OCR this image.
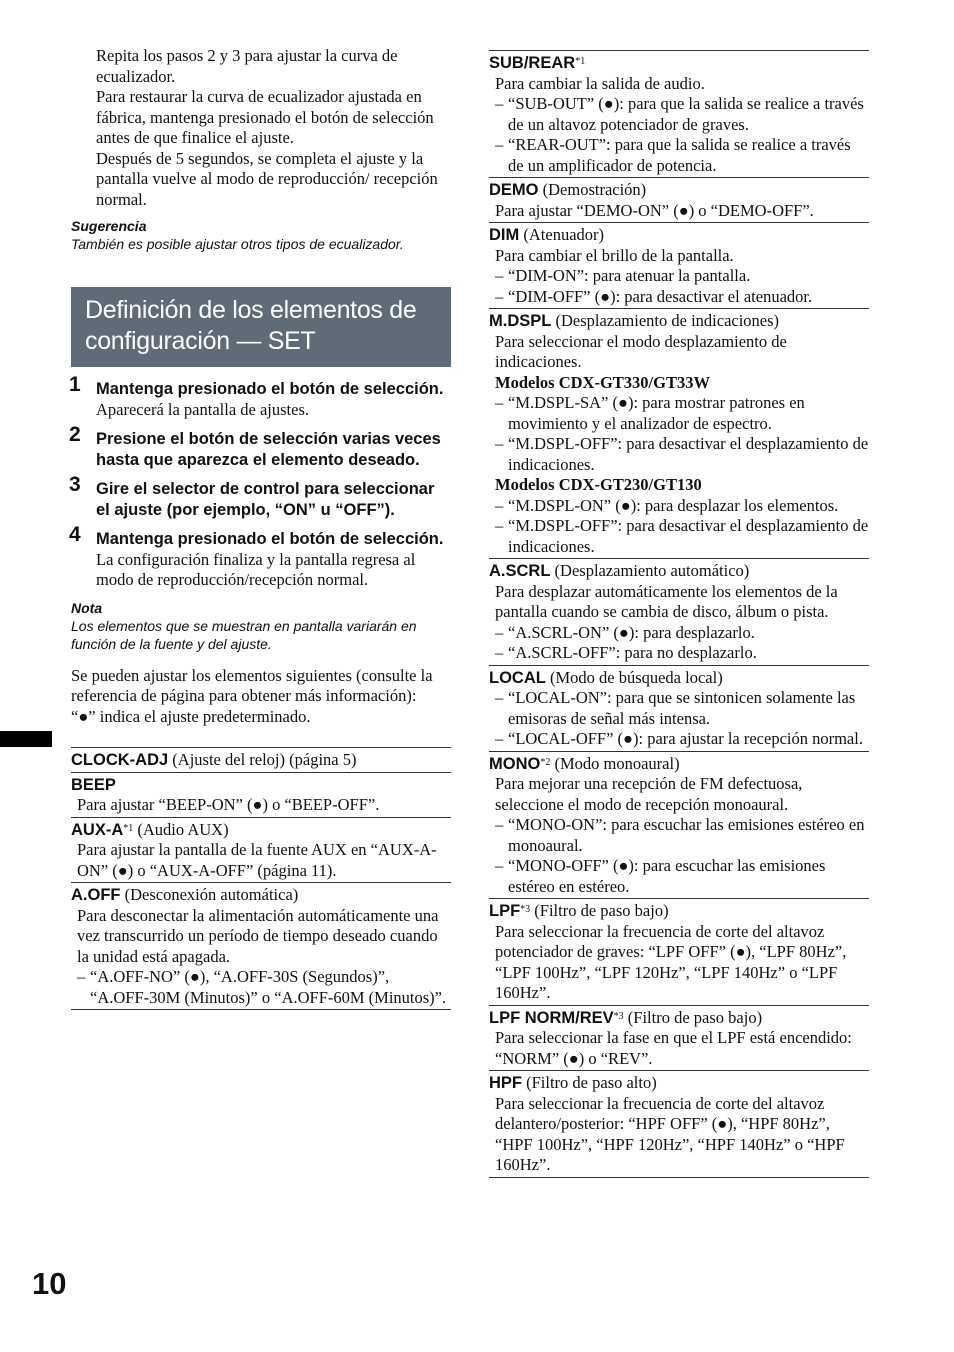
Repita los pasos 2 y 3 para ajustar la curva de ecualizador.

Para restaurar la curva de ecualizador ajustada en fábrica, mantenga presionado el botón de selección antes de que finalice el ajuste.

Después de 5 segundos, se completa el ajuste y la pantalla vuelve al modo de reproducción/ recepción normal.

Sugerencia
También es posible ajustar otros tipos de ecualizador.
Definición de los elementos de configuración — SET
1 Mantenga presionado el botón de selección.
Aparecerá la pantalla de ajustes.
2 Presione el botón de selección varias veces hasta que aparezca el elemento deseado.
3 Gire el selector de control para seleccionar el ajuste (por ejemplo, “ON” u “OFF”).
4 Mantenga presionado el botón de selección.
La configuración finaliza y la pantalla regresa al modo de reproducción/recepción normal.
Nota
Los elementos que se muestran en pantalla variarán en función de la fuente y del ajuste.

Se pueden ajustar los elementos siguientes (consulte la referencia de página para obtener más información):

“●” indica el ajuste predeterminado.

CLOCK-ADJ (Ajuste del reloj) (página 5)
BEEP
Para ajustar “BEEP-ON” (●) o “BEEP-OFF”.
AUX-$A^{*1}$ (Audio AUX)
Para ajustar la pantalla de la fuente AUX en “AUX-A-ON” (●) o “AUX-A-OFF” (página 11).
A.OFF (Desconexión automática)
Para desconectar la alimentación automáticamente una vez transcurrido un período de tiempo deseado cuando la unidad está apagada.
– “A.OFF-NO” (●), “A.OFF-30S (Segundos)”, “A.OFF-30M (Minutos)” o “A.OFF-60M (Minutos)”.
SUB/REAR$^{*1}$
Para cambiar la salida de audio.
– “SUB-OUT” (●): para que la salida se realice a través de un altavoz potenciador de graves.
– “REAR-OUT”: para que la salida se realice a través de un amplificador de potencia.
DEMO (Demostración)
Para ajustar “DEMO-ON” (●) o “DEMO-OFF”.
DIM (Atenuador)
Para cambiar el brillo de la pantalla.
– “DIM-ON”: para atenuar la pantalla.
– “DIM-OFF” (●): para desactivar el atenuador.
M.DSPL (Desplazamiento de indicaciones)
Para seleccionar el modo desplazamiento de indicaciones.
Modelos CDX-GT330/GT33W
– “M.DSPL-SA” (●): para mostrar patrones en movimiento y el analizador de espectro.
– “M.DSPL-OFF”: para desactivar el desplazamiento de indicaciones.
Modelos CDX-GT230/GT130
– “M.DSPL-ON” (●): para desplazar los elementos.
– “M.DSPL-OFF”: para desactivar el desplazamiento de indicaciones.
A.SCRL (Desplazamiento automático)
Para desplazar automáticamente los elementos de la pantalla cuando se cambia de disco, álbum o pista.
– “A.SCRL-ON” (●): para desplazarlo.
– “A.SCRL-OFF”: para no desplazarlo.
LOCAL (Modo de búsqueda local)
– “LOCAL-ON”: para que se sintonicen solamente las emisoras de señal más intensa.
– “LOCAL-OFF” (●): para ajustar la recepción normal.
MONO$^{*2}$ (Modo monoaural)
Para mejorar una recepción de FM defectuosa, seleccione el modo de recepción monoaural.
– “MONO-ON”: para escuchar las emisiones estéreo en monoaural.
– “MONO-OFF” (●): para escuchar las emisiones estéreo en estéreo.
LPF$^{*3}$ (Filtro de paso bajo)
Para seleccionar la frecuencia de corte del altavoz potenciador de graves: “LPF OFF” (●), “LPF 80Hz”, “LPF 100Hz”, “LPF 120Hz”, “LPF 140Hz” o “LPF 160Hz”.
LPF NORM/REV$^{*3}$ (Filtro de paso bajo)
Para seleccionar la fase en que el LPF está encendido: “NORM” (●) o “REV”.
HPF (Filtro de paso alto)
Para seleccionar la frecuencia de corte del altavoz delantero/posterior: “HPF OFF” (●), “HPF 80Hz”, “HPF 100Hz”, “HPF 120Hz”, “HPF 140Hz” o “HPF 160Hz”.
10
